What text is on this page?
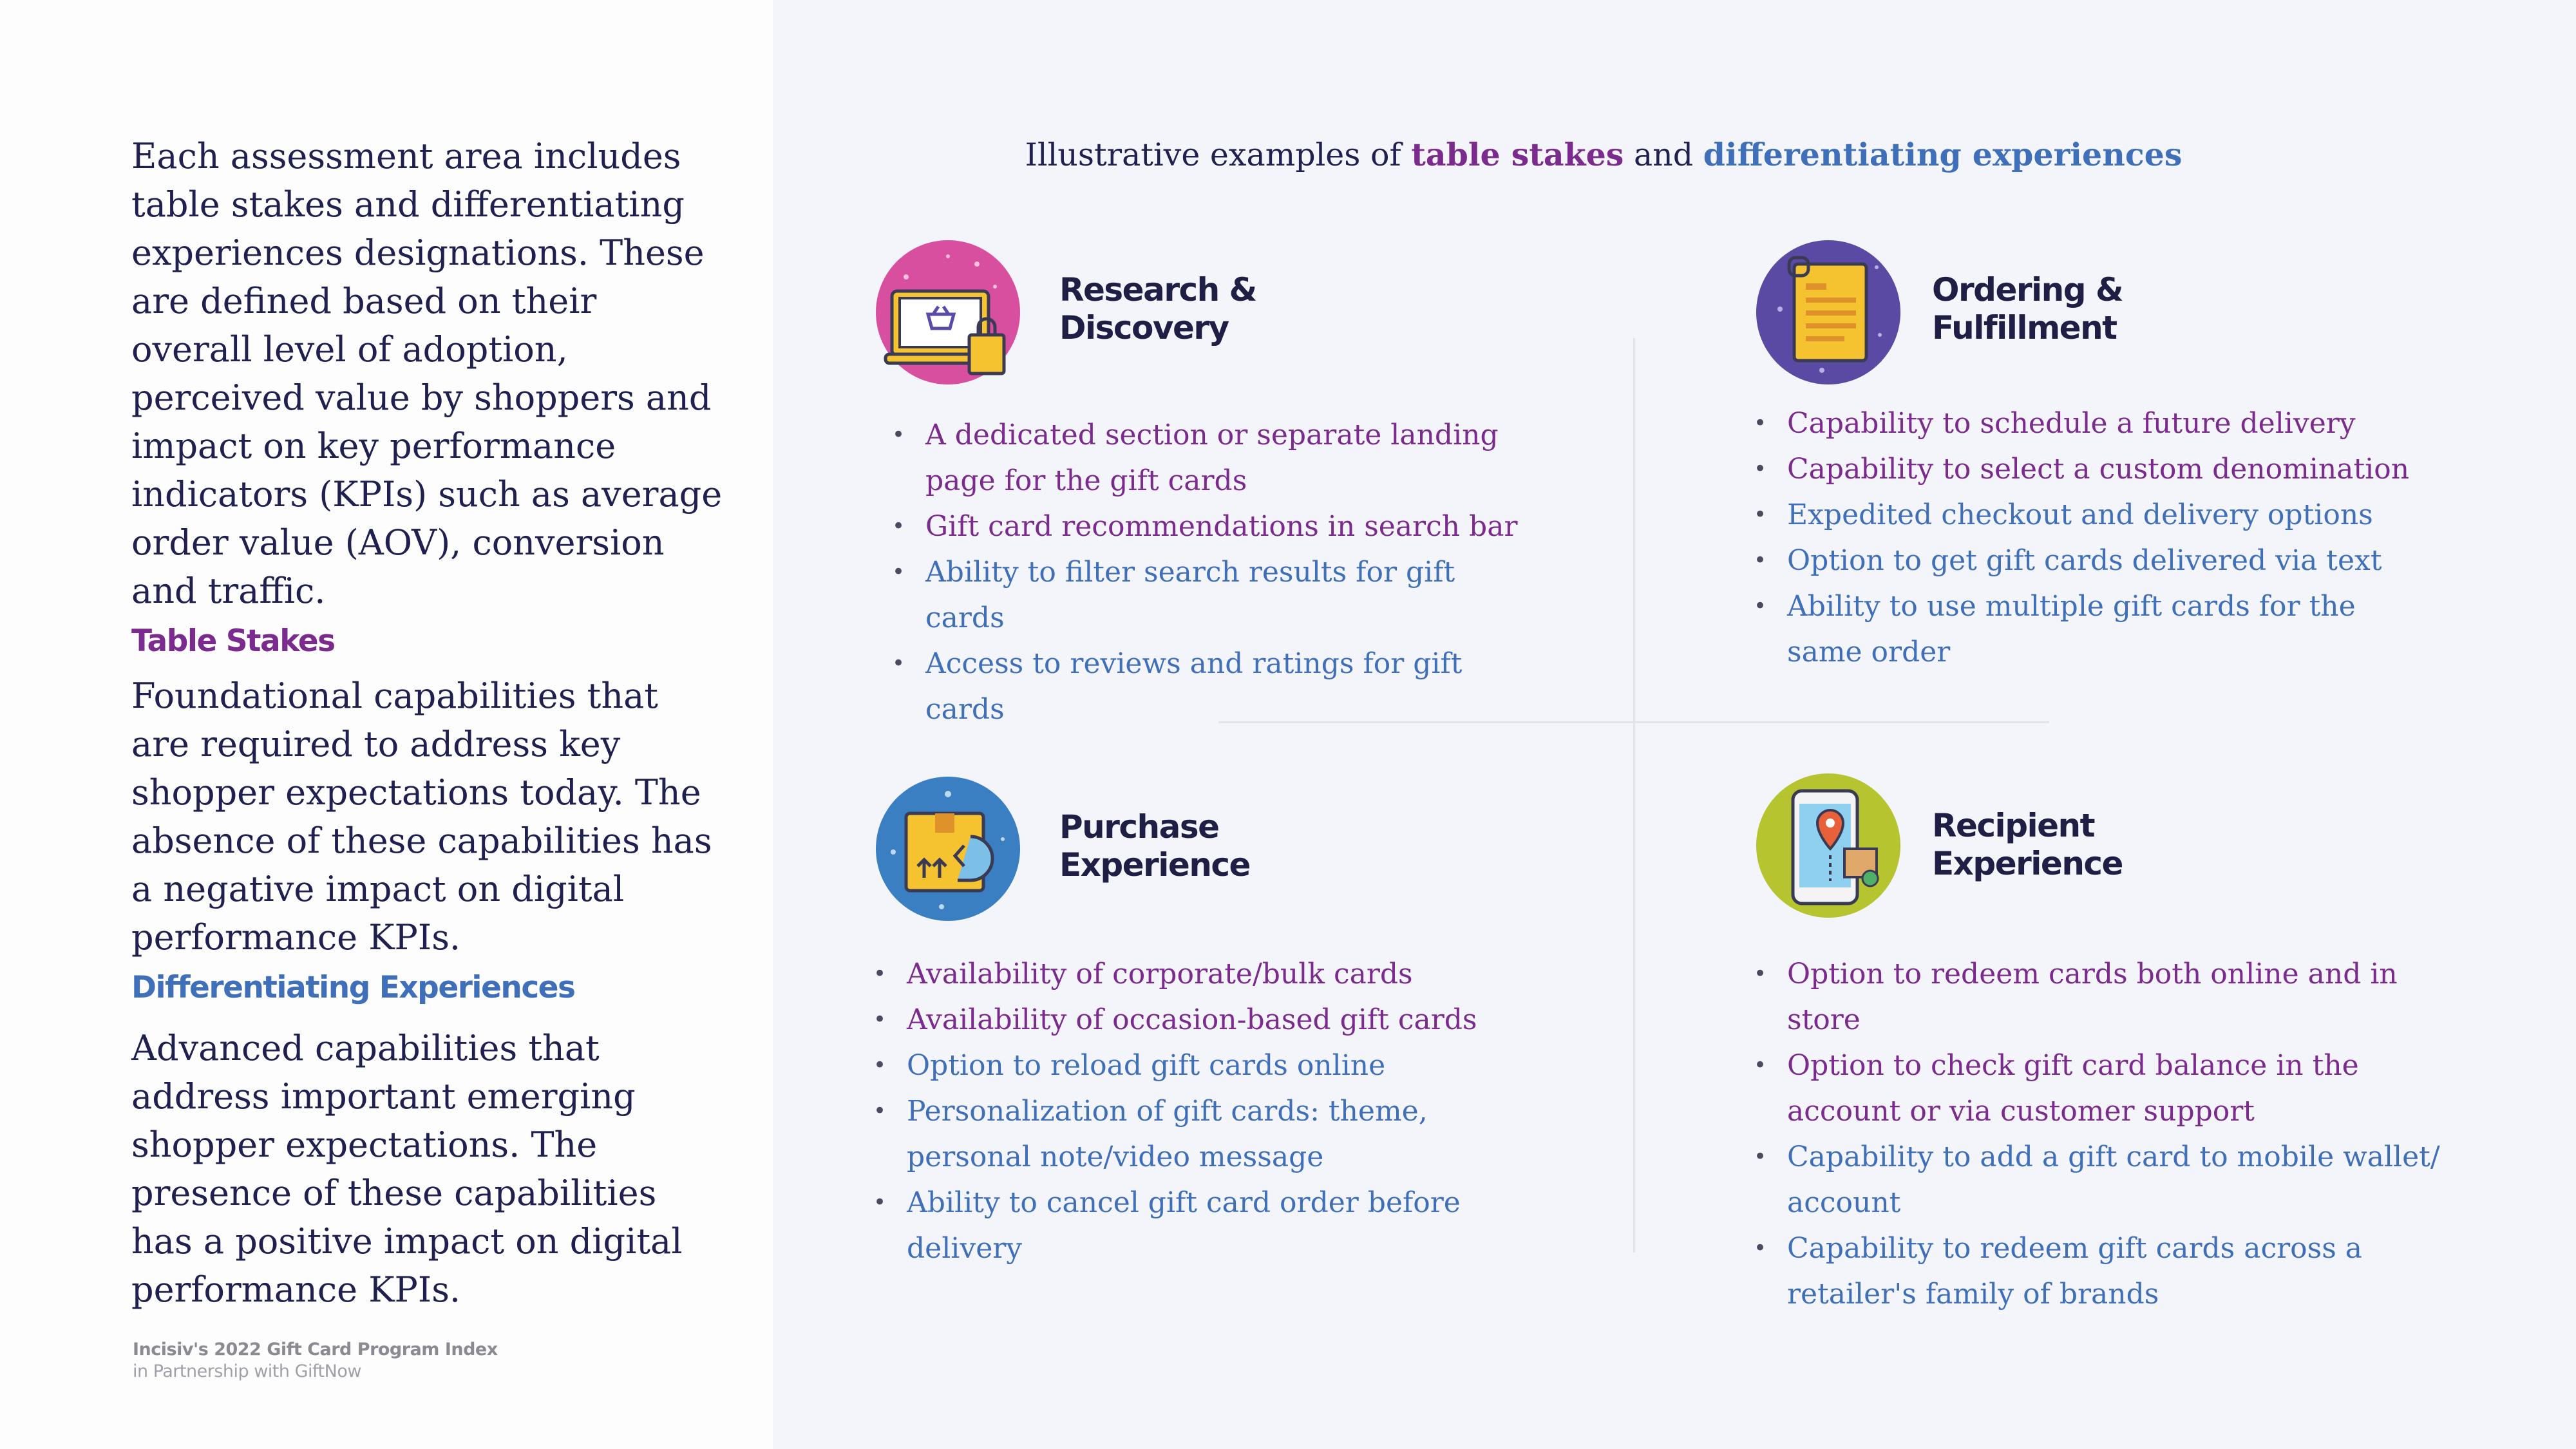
Each assessment area includes table stakes and differentiating experiences designations. These are defined based on their overall level of adoption, perceived value by shoppers and impact on key performance indicators (KPIs) such as average order value (AOV), conversion and traffic.

Table Stakes

Foundational capabilities that are required to address key shopper expectations today. The absence of these capabilities has a negative impact on digital performance KPIs.

Differentiating Experiences

Advanced capabilities that address important emerging shopper expectations. The presence of these capabilities has a positive impact on digital performance KPIs.

Incisiv's 2022 Gift Card Program Index

in Partnership with GiftNow

Illustrative examples of table stakes and differentiating experiences

Research &
Discovery
• A dedicated section or separate landing page for the gift cards
• Gift card recommendations in search bar
• Ability to filter search results for gift cards
• Access to reviews and ratings for gift cards
Ordering &
Fulfillment
• Capability to schedule a future delivery
• Capability to select a custom denomination
• Expedited checkout and delivery options
• Option to get gift cards delivered via text
• Ability to use multiple gift cards for the same order
Purchase
Experience
• Availability of corporate/bulk cards
• Availability of occasion-based gift cards
• Option to reload gift cards online
• Personalization of gift cards: theme, personal note/video message
• Ability to cancel gift card order before delivery
Recipient
Experience
• Option to redeem cards both online and in store
• Option to check gift card balance in the account or via customer support
• Capability to add a gift card to mobile wallet/ account
• Capability to redeem gift cards across a retailer's family of brands
